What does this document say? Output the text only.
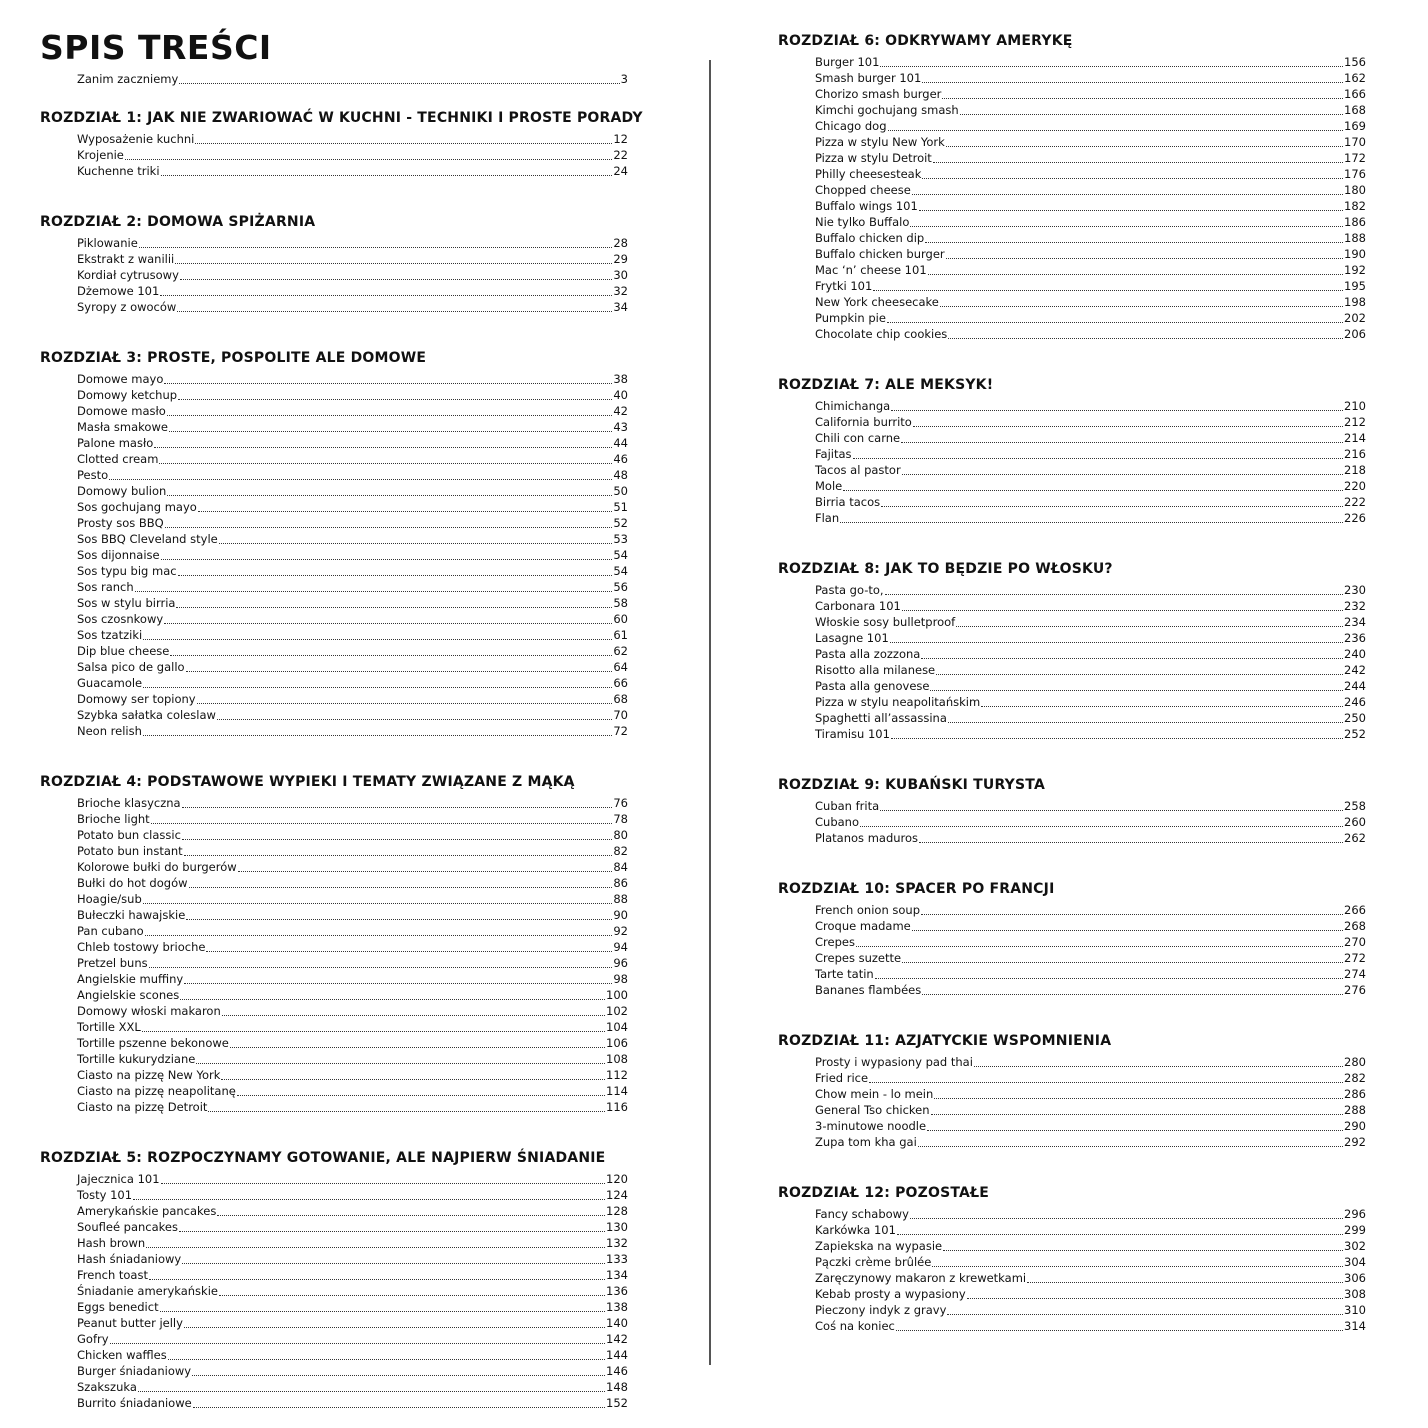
SPIS TREŚCI
Zanim zaczniemy	3
ROZDZIAŁ 1: JAK NIE ZWARIOWAĆ W KUCHNI - TECHNIKI I PROSTE PORADY
Wyposażenie kuchni	12
Krojenie	22
Kuchenne triki	24
ROZDZIAŁ 2: DOMOWA SPIŻARNIA
Piklowanie	28
Ekstrakt z wanilii	29
Kordiał cytrusowy	30
Dżemowe 101	32
Syropy z owoców	34
ROZDZIAŁ 3: PROSTE, POSPOLITE ALE DOMOWE
Domowe mayo	38
Domowy ketchup	40
Domowe masło	42
Masła smakowe	43
Palone masło	44
Clotted cream	46
Pesto	48
Domowy bulion	50
Sos gochujang mayo	51
Prosty sos BBQ	52
Sos BBQ Cleveland style	53
Sos dijonnaise	54
Sos typu big mac	54
Sos ranch	56
Sos w stylu birria	58
Sos czosnkowy	60
Sos tzatziki	61
Dip blue cheese	62
Salsa pico de gallo	64
Guacamole	66
Domowy ser topiony	68
Szybka sałatka coleslaw	70
Neon relish	72
ROZDZIAŁ 4: PODSTAWOWE WYPIEKI I TEMATY ZWIĄZANE Z MĄKĄ
Brioche klasyczna	76
Brioche light	78
Potato bun classic	80
Potato bun instant	82
Kolorowe bułki do burgerów	84
Bułki do hot dogów	86
Hoagie/sub	88
Bułeczki hawajskie	90
Pan cubano	92
Chleb tostowy brioche	94
Pretzel buns	96
Angielskie muffiny	98
Angielskie scones	100
Domowy włoski makaron	102
Tortille XXL	104
Tortille pszenne bekonowe	106
Tortille kukurydziane	108
Ciasto na pizzę New York	112
Ciasto na pizzę neapolitanę	114
Ciasto na pizzę Detroit	116
ROZDZIAŁ 5: ROZPOCZYNAMY GOTOWANIE, ALE NAJPIERW ŚNIADANIE
Jajecznica 101	120
Tosty 101	124
Amerykańskie pancakes	128
Soufleé pancakes	130
Hash brown	132
Hash śniadaniowy	133
French toast	134
Śniadanie amerykańskie	136
Eggs benedict	138
Peanut butter jelly	140
Gofry	142
Chicken waffles	144
Burger śniadaniowy	146
Szakszuka	148
Burrito śniadaniowe	152
ROZDZIAŁ 6: ODKRYWAMY AMERYKĘ
Burger 101	156
Smash burger 101	162
Chorizo smash burger	166
Kimchi gochujang smash	168
Chicago dog	169
Pizza w stylu New York	170
Pizza w stylu Detroit	172
Philly cheesesteak	176
Chopped cheese	180
Buffalo wings 101	182
Nie tylko Buffalo	186
Buffalo chicken dip	188
Buffalo chicken burger	190
Mac ‘n’ cheese 101	192
Frytki 101	195
New York cheesecake	198
Pumpkin pie	202
Chocolate chip cookies	206
ROZDZIAŁ 7: ALE MEKSYK!
Chimichanga	210
California burrito	212
Chili con carne	214
Fajitas	216
Tacos al pastor	218
Mole	220
Birria tacos	222
Flan	226
ROZDZIAŁ 8: JAK TO BĘDZIE PO WŁOSKU?
Pasta go-to,	230
Carbonara 101	232
Włoskie sosy bulletproof	234
Lasagne 101	236
Pasta alla zozzona	240
Risotto alla milanese	242
Pasta alla genovese	244
Pizza w stylu neapolitańskim	246
Spaghetti all’assassina	250
Tiramisu 101	252
ROZDZIAŁ 9: KUBAŃSKI TURYSTA
Cuban frita	258
Cubano	260
Platanos maduros	262
ROZDZIAŁ 10: SPACER PO FRANCJI
French onion soup	266
Croque madame	268
Crepes	270
Crepes suzette	272
Tarte tatin	274
Bananes flambées	276
ROZDZIAŁ 11: AZJATYCKIE WSPOMNIENIA
Prosty i wypasiony pad thai	280
Fried rice	282
Chow mein - lo mein	286
General Tso chicken	288
3-minutowe noodle	290
Zupa tom kha gai	292
ROZDZIAŁ 12: POZOSTAŁE
Fancy schabowy	296
Karkówka 101	299
Zapiekska na wypasie	302
Pączki crème brûlée	304
Zaręczynowy makaron z krewetkami	306
Kebab prosty a wypasiony	308
Pieczony indyk z gravy	310
Coś na koniec	314
